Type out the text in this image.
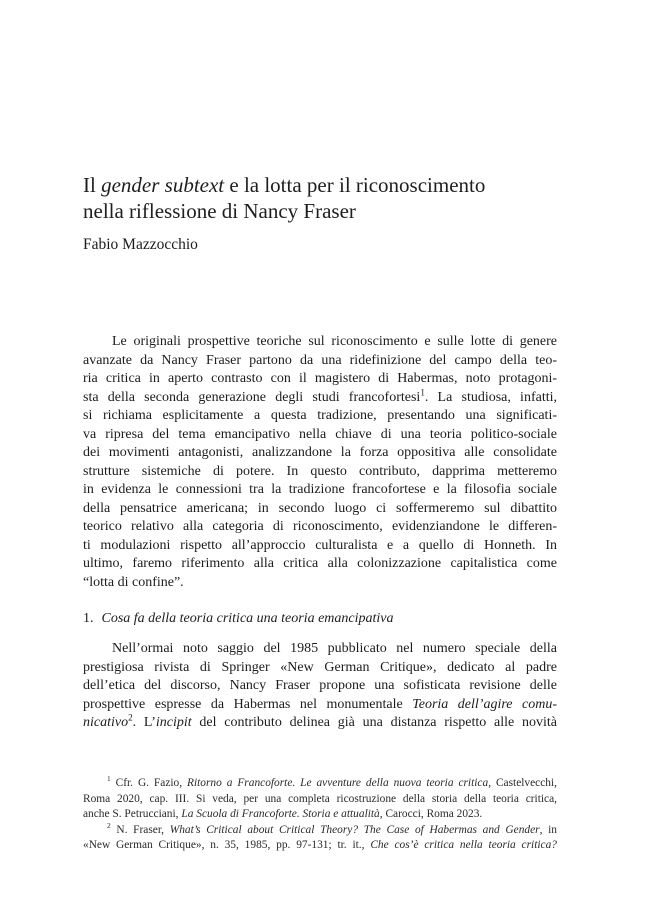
Il gender subtext e la lotta per il riconoscimento
nella riflessione di Nancy Fraser
Fabio Mazzocchio
Le originali prospettive teoriche sul riconoscimento e sulle lotte di genere
avanzate da Nancy Fraser partono da una ridefinizione del campo della teo-
ria critica in aperto contrasto con il magistero di Habermas, noto protagoni-
sta della seconda generazione degli studi francofortesi$^1$. La studiosa, infatti,
si richiama esplicitamente a questa tradizione, presentando una significati-
va ripresa del tema emancipativo nella chiave di una teoria politico-sociale
dei movimenti antagonisti, analizzandone la forza oppositiva alle consolidate
strutture sistemiche di potere. In questo contributo, dapprima metteremo
in evidenza le connessioni tra la tradizione francofortese e la filosofia sociale
della pensatrice americana; in secondo luogo ci soffermeremo sul dibattito
teorico relativo alla categoria di riconoscimento, evidenziandone le differen-
ti modulazioni rispetto all’approccio culturalista e a quello di Honneth. In
ultimo, faremo riferimento alla critica alla colonizzazione capitalistica come
“lotta di confine”.
1. Cosa fa della teoria critica una teoria emancipativa
Nell’ormai noto saggio del 1985 pubblicato nel numero speciale della
prestigiosa rivista di Springer «New German Critique», dedicato al padre
dell’etica del discorso, Nancy Fraser propone una sofisticata revisione delle
prospettive espresse da Habermas nel monumentale Teoria dell’agire comu-
nicativo$^2$. L’incipit del contributo delinea già una distanza rispetto alle novità
$^1$ Cfr. G. Fazio, Ritorno a Francoforte. Le avventure della nuova teoria critica, Castelvecchi,
Roma 2020, cap. III. Si veda, per una completa ricostruzione della storia della teoria critica,
anche S. Petrucciani, La Scuola di Francoforte. Storia e attualità, Carocci, Roma 2023.
$^2$ N. Fraser, What’s Critical about Critical Theory? The Case of Habermas and Gender, in
«New German Critique», n. 35, 1985, pp. 97-131; tr. it., Che cos’è critica nella teoria critica?
